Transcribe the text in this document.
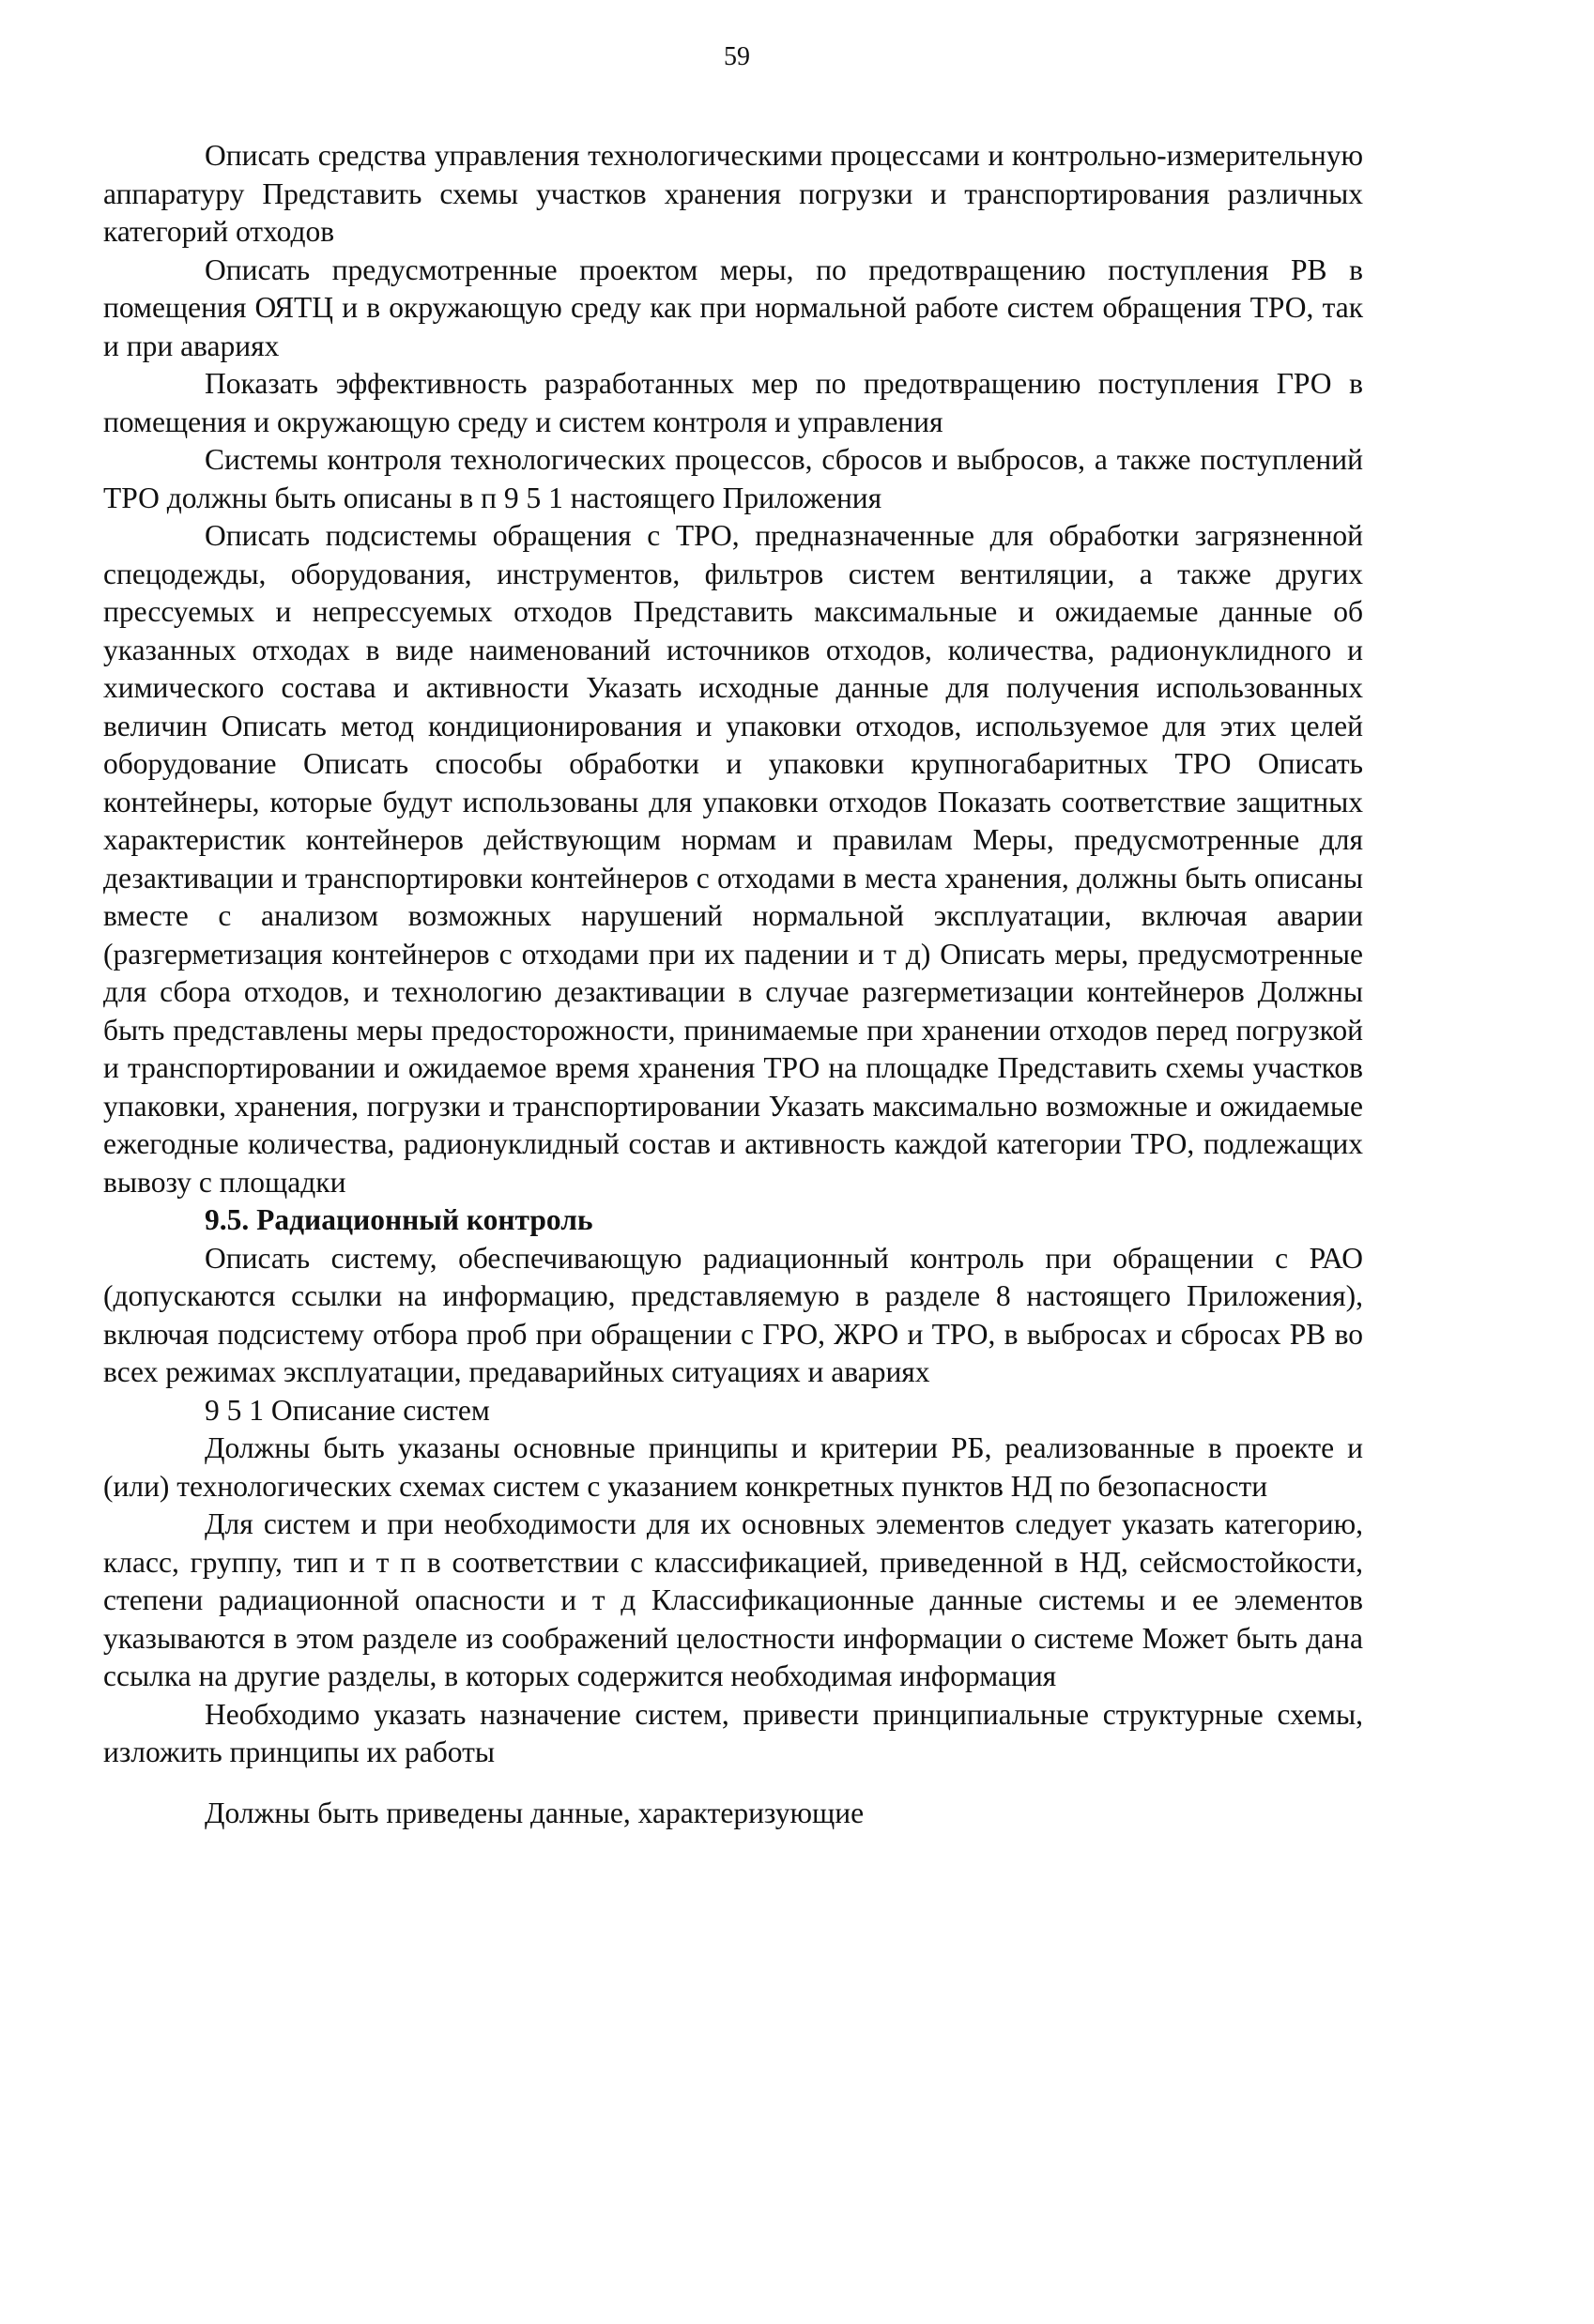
59

Описать средства управления технологическими процессами и контрольно-измерительную аппаратуру Представить схемы участков хранения погрузки и транспортирования различных категорий отходов

Описать предусмотренные проектом меры, по предотвращению поступления РВ в помещения ОЯТЦ и в окружающую среду как при нормальной работе систем обращения ТРО, так и при авариях

Показать эффективность разработанных мер по предотвращению поступления ГРО в помещения и окружающую среду и систем контроля и управления

Системы контроля технологических процессов, сбросов и выбросов, а также поступлений ТРО должны быть описаны в п 9 5 1 настоящего Приложения

Описать подсистемы обращения с ТРО, предназначенные для обработки загрязненной спецодежды, оборудования, инструментов, фильтров систем вентиляции, а также других прессуемых и непрессуемых отходов Представить максимальные и ожидаемые данные об указанных отходах в виде наименований источников отходов, количества, радионуклидного и химического состава и активности Указать исходные данные для получения использованных величин Описать метод кондиционирования и упаковки отходов, используемое для этих целей оборудование Описать способы обработки и упаковки крупногабаритных ТРО Описать контейнеры, которые будут использованы для упаковки отходов Показать соответствие защитных характеристик контейнеров действующим нормам и правилам Меры, предусмотренные для дезактивации и транспортировки контейнеров с отходами в места хранения, должны быть описаны вместе с анализом возможных нарушений нормальной эксплуатации, включая аварии (разгерметизация контейнеров с отходами при их падении и т д) Описать меры, предусмотренные для сбора отходов, и технологию дезактивации в случае разгерметизации контейнеров Должны быть представлены меры предосторожности, принимаемые при хранении отходов перед погрузкой и транспортировании и ожидаемое время хранения ТРО на площадке Представить схемы участков упаковки, хранения, погрузки и транспортировании Указать максимально возможные и ожидаемые ежегодные количества, радионуклидный состав и активность каждой категории ТРО, подлежащих вывозу с площадки

9.5. Радиационный контроль

Описать систему, обеспечивающую радиационный контроль при обращении с РАО (допускаются ссылки на информацию, представляемую в разделе 8 настоящего Приложения), включая подсистему отбора проб при обращении с ГРО, ЖРО и ТРО, в выбросах и сбросах РВ во всех режимах эксплуатации, предаварийных ситуациях и авариях

9 5 1 Описание систем

Должны быть указаны основные принципы и критерии РБ, реализованные в проекте и (или) технологических схемах систем с указанием конкретных пунктов НД по безопасности

Для систем и при необходимости для их основных элементов следует указать категорию, класс, группу, тип и т п в соответствии с классификацией, приведенной в НД, сейсмостойкости, степени радиационной опасности и т д Классификационные данные системы и ее элементов указываются в этом разделе из соображений целостности информации о системе Может быть дана ссылка на другие разделы, в которых содержится необходимая информация

Необходимо указать назначение систем, привести принципиальные структурные схемы, изложить принципы их работы

Должны быть приведены данные, характеризующие
